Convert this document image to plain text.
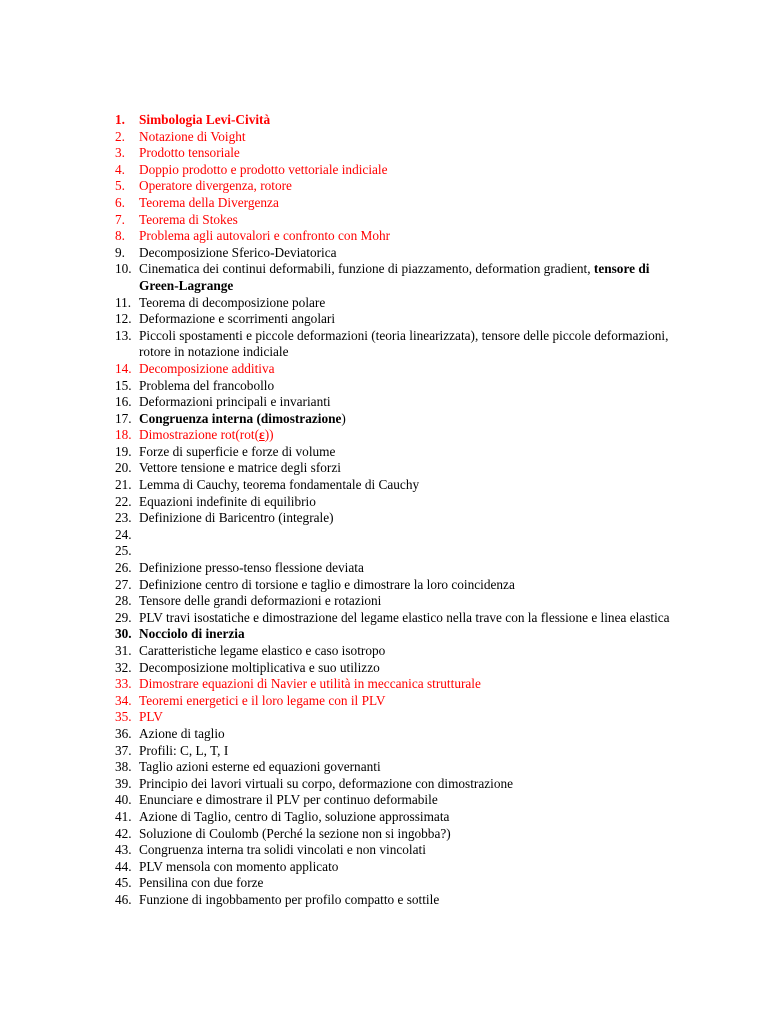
1. Simbologia Levi-Cività
2. Notazione di Voight
3. Prodotto tensoriale
4. Doppio prodotto e prodotto vettoriale indiciale
5. Operatore divergenza, rotore
6. Teorema della Divergenza
7. Teorema di Stokes
8. Problema agli autovalori e confronto con Mohr
9. Decomposizione Sferico-Deviatorica
10. Cinematica dei continui deformabili, funzione di piazzamento, deformation gradient, tensore di Green-Lagrange
11. Teorema di decomposizione polare
12. Deformazione e scorrimenti angolari
13. Piccoli spostamenti e piccole deformazioni (teoria linearizzata), tensore delle piccole deformazioni, rotore in notazione indiciale
14. Decomposizione additiva
15. Problema del francobollo
16. Deformazioni principali e invarianti
17. Congruenza interna (dimostrazione)
18. Dimostrazione rot(rot(ε))
19. Forze di superficie e forze di volume
20. Vettore tensione e matrice degli sforzi
21. Lemma di Cauchy, teorema fondamentale di Cauchy
22. Equazioni indefinite di equilibrio
23. Definizione di Baricentro (integrale)
24.

25.

26. Definizione presso-tenso flessione deviata
27. Definizione centro di torsione e taglio e dimostrare la loro coincidenza
28. Tensore delle grandi deformazioni e rotazioni
29. PLV travi isostatiche e dimostrazione del legame elastico nella trave con la flessione e linea elastica
30. Nocciolo di inerzia
31. Caratteristiche legame elastico e caso isotropo
32. Decomposizione moltiplicativa e suo utilizzo
33. Dimostrare equazioni di Navier e utilità in meccanica strutturale
34. Teoremi energetici e il loro legame con il PLV
35. PLV
36. Azione di taglio
37. Profili: C, L, T, I
38. Taglio azioni esterne ed equazioni governanti
39. Principio dei lavori virtuali su corpo, deformazione con dimostrazione
40. Enunciare e dimostrare il PLV per continuo deformabile
41. Azione di Taglio, centro di Taglio, soluzione approssimata
42. Soluzione di Coulomb (Perché la sezione non si ingobba?)
43. Congruenza interna tra solidi vincolati e non vincolati
44. PLV mensola con momento applicato
45. Pensilina con due forze
46. Funzione di ingobbamento per profilo compatto e sottile
